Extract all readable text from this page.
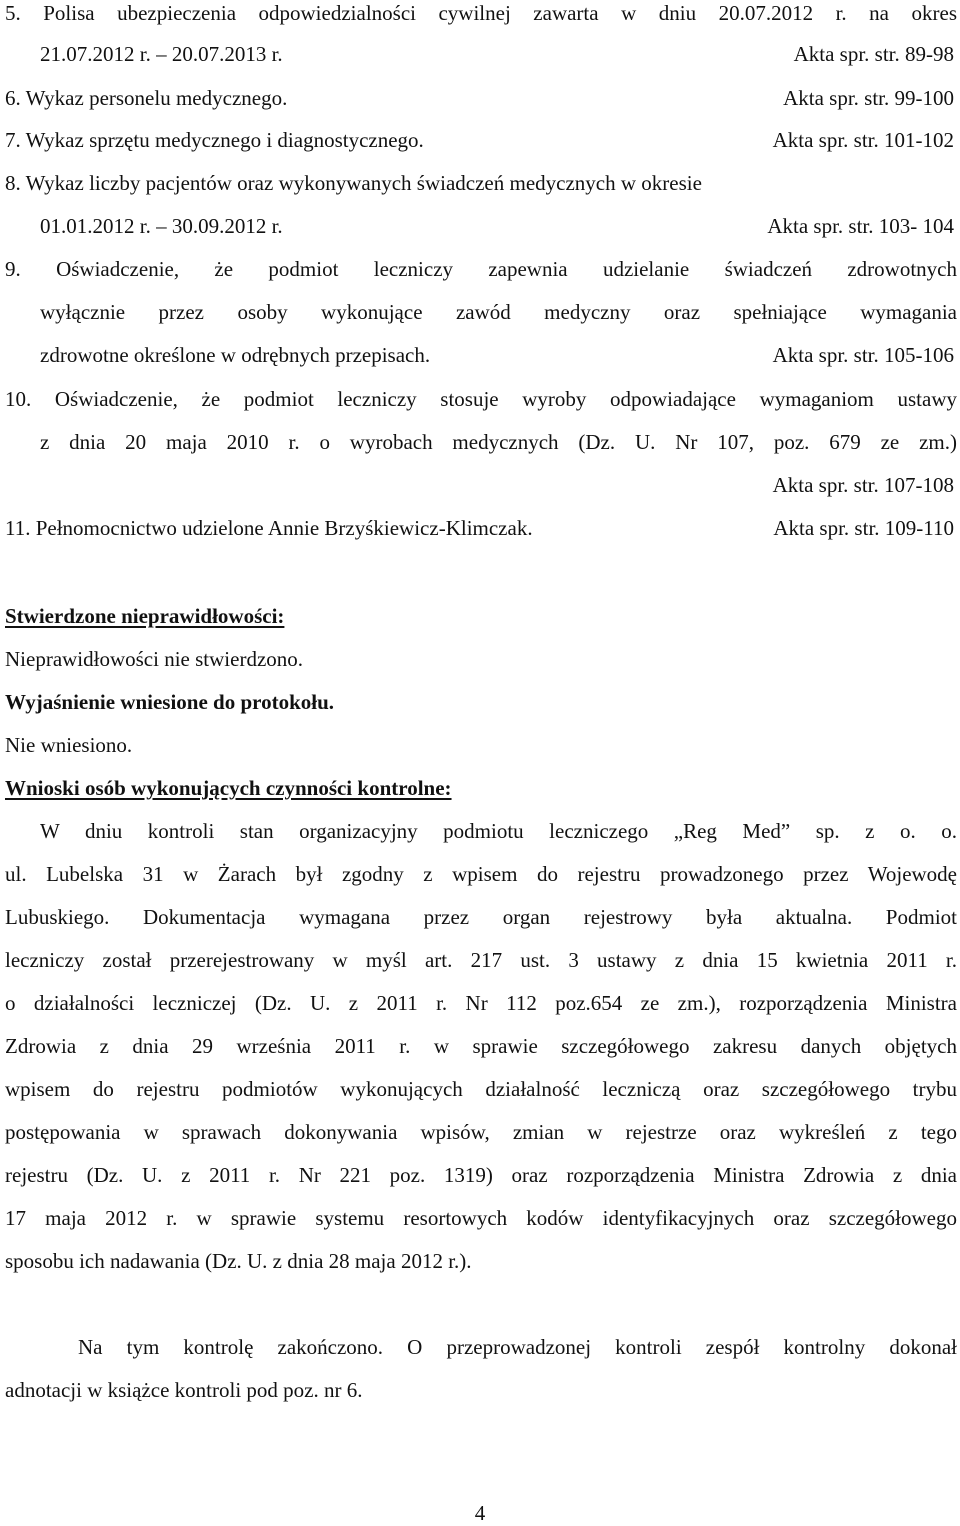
5. Polisa ubezpieczenia odpowiedzialności cywilnej zawarta w dniu 20.07.2012 r. na okres
21.07.2012 r. – 20.07.2013 r.	Akta spr. str. 89-98
6. Wykaz personelu medycznego.	Akta spr. str. 99-100
7. Wykaz sprzętu medycznego i diagnostycznego.	Akta spr. str. 101-102
8. Wykaz liczby pacjentów oraz wykonywanych świadczeń medycznych w okresie
01.01.2012 r. – 30.09.2012 r.	Akta spr. str. 103- 104
9. Oświadczenie, że podmiot leczniczy zapewnia udzielanie świadczeń zdrowotnych
wyłącznie przez osoby wykonujące zawód medyczny oraz spełniające wymagania
zdrowotne określone w odrębnych przepisach.	Akta spr. str. 105-106
10. Oświadczenie, że podmiot leczniczy stosuje wyroby odpowiadające wymaganiom ustawy
z dnia 20 maja 2010 r. o wyrobach medycznych (Dz. U. Nr 107, poz. 679 ze zm.)
Akta spr. str. 107-108
11. Pełnomocnictwo udzielone Annie Brzyśkiewicz-Klimczak.	Akta spr. str. 109-110
Stwierdzone nieprawidłowości:
Nieprawidłowości nie stwierdzono.
Wyjaśnienie wniesione do protokołu.
Nie wniesiono.
Wnioski osób wykonujących czynności kontrolne:
W dniu kontroli stan organizacyjny podmiotu leczniczego „Reg Med” sp. z o. o.
ul. Lubelska 31 w Żarach był zgodny z wpisem do rejestru prowadzonego przez Wojewodę
Lubuskiego. Dokumentacja wymagana przez organ rejestrowy była aktualna. Podmiot
leczniczy został przerejestrowany w myśl art. 217 ust. 3 ustawy z dnia 15 kwietnia 2011 r.
o działalności leczniczej (Dz. U. z 2011 r. Nr 112 poz.654 ze zm.), rozporządzenia Ministra
Zdrowia z dnia 29 września 2011 r. w sprawie szczegółowego zakresu danych objętych
wpisem do rejestru podmiotów wykonujących działalność leczniczą oraz szczegółowego trybu
postępowania w sprawach dokonywania wpisów, zmian w rejestrze oraz wykreśleń z tego
rejestru (Dz. U. z 2011 r. Nr 221 poz. 1319) oraz rozporządzenia Ministra Zdrowia z dnia
17 maja 2012 r. w sprawie systemu resortowych kodów identyfikacyjnych oraz szczegółowego
sposobu ich nadawania (Dz. U. z dnia 28 maja 2012 r.).
Na tym kontrolę zakończono. O przeprowadzonej kontroli zespół kontrolny dokonał
adnotacji w książce kontroli pod poz. nr 6.
4
